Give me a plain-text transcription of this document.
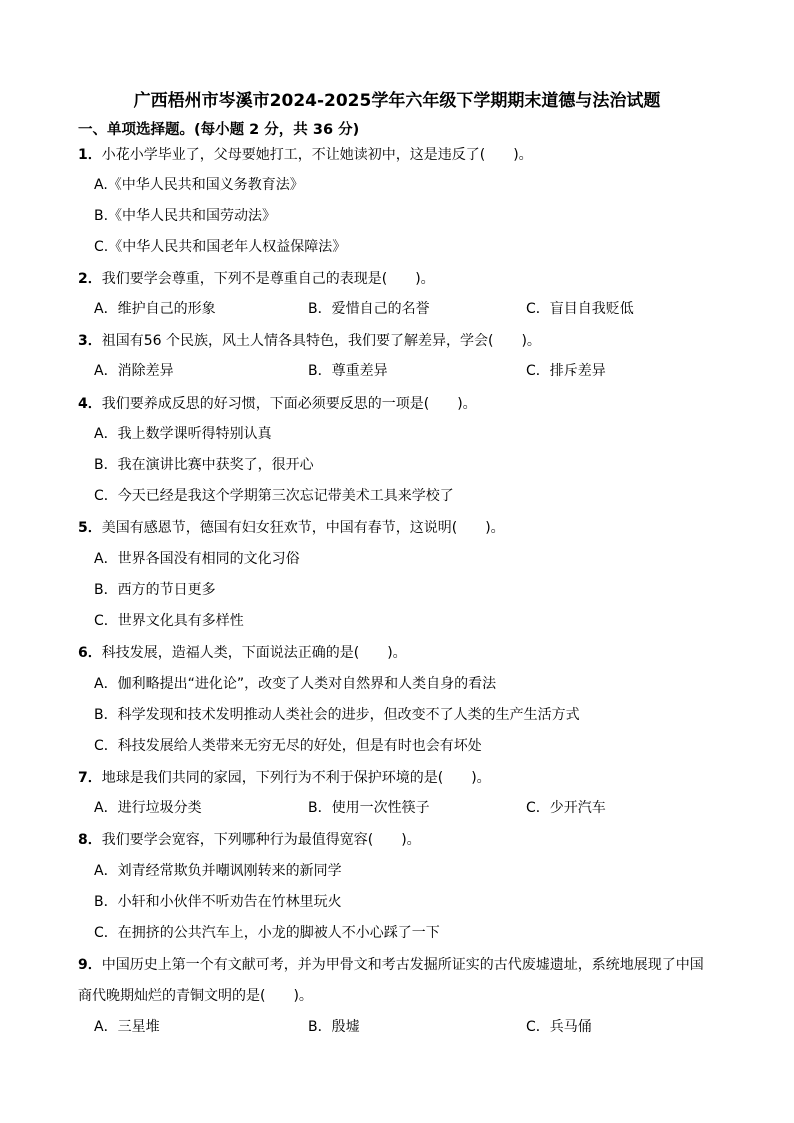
广西梧州市岑溪市2024-2025学年六年级下学期期末道德与法治试题
一、单项选择题。(每小题 2 分，共 36 分)
1．小花小学毕业了，父母要她打工，不让她读初中，这是违反了(　　)。
A.《中华人民共和国义务教育法》
B.《中华人民共和国劳动法》
C.《中华人民共和国老年人权益保障法》
2．我们要学会尊重，下列不是尊重自己的表现是(　　)。
A．维护自己的形象	B．爱惜自己的名誉	C．盲目自我贬低
3．祖国有56 个民族，风土人情各具特色，我们要了解差异，学会(　　)。
A．消除差异	B．尊重差异	C．排斥差异
4．我们要养成反思的好习惯，下面必须要反思的一项是(　　)。
A．我上数学课听得特别认真
B．我在演讲比赛中获奖了，很开心
C．今天已经是我这个学期第三次忘记带美术工具来学校了
5．美国有感恩节，德国有妇女狂欢节，中国有春节，这说明(　　)。
A．世界各国没有相同的文化习俗
B．西方的节日更多
C．世界文化具有多样性
6．科技发展，造福人类，下面说法正确的是(　　)。
A．伽利略提出“进化论”，改变了人类对自然界和人类自身的看法
B．科学发现和技术发明推动人类社会的进步，但改变不了人类的生产生活方式
C．科技发展给人类带来无穷无尽的好处，但是有时也会有坏处
7．地球是我们共同的家园，下列行为不利于保护环境的是(　　)。
A．进行垃圾分类	B．使用一次性筷子	C．少开汽车
8．我们要学会宽容，下列哪种行为最值得宽容(　　)。
A．刘青经常欺负并嘲讽刚转来的新同学
B．小轩和小伙伴不听劝告在竹林里玩火
C．在拥挤的公共汽车上，小龙的脚被人不小心踩了一下
9．中国历史上第一个有文献可考，并为甲骨文和考古发掘所证实的古代废墟遗址，系统地展现了中国
商代晚期灿烂的青铜文明的是(　　)。
A．三星堆	B．殷墟	C．兵马俑
